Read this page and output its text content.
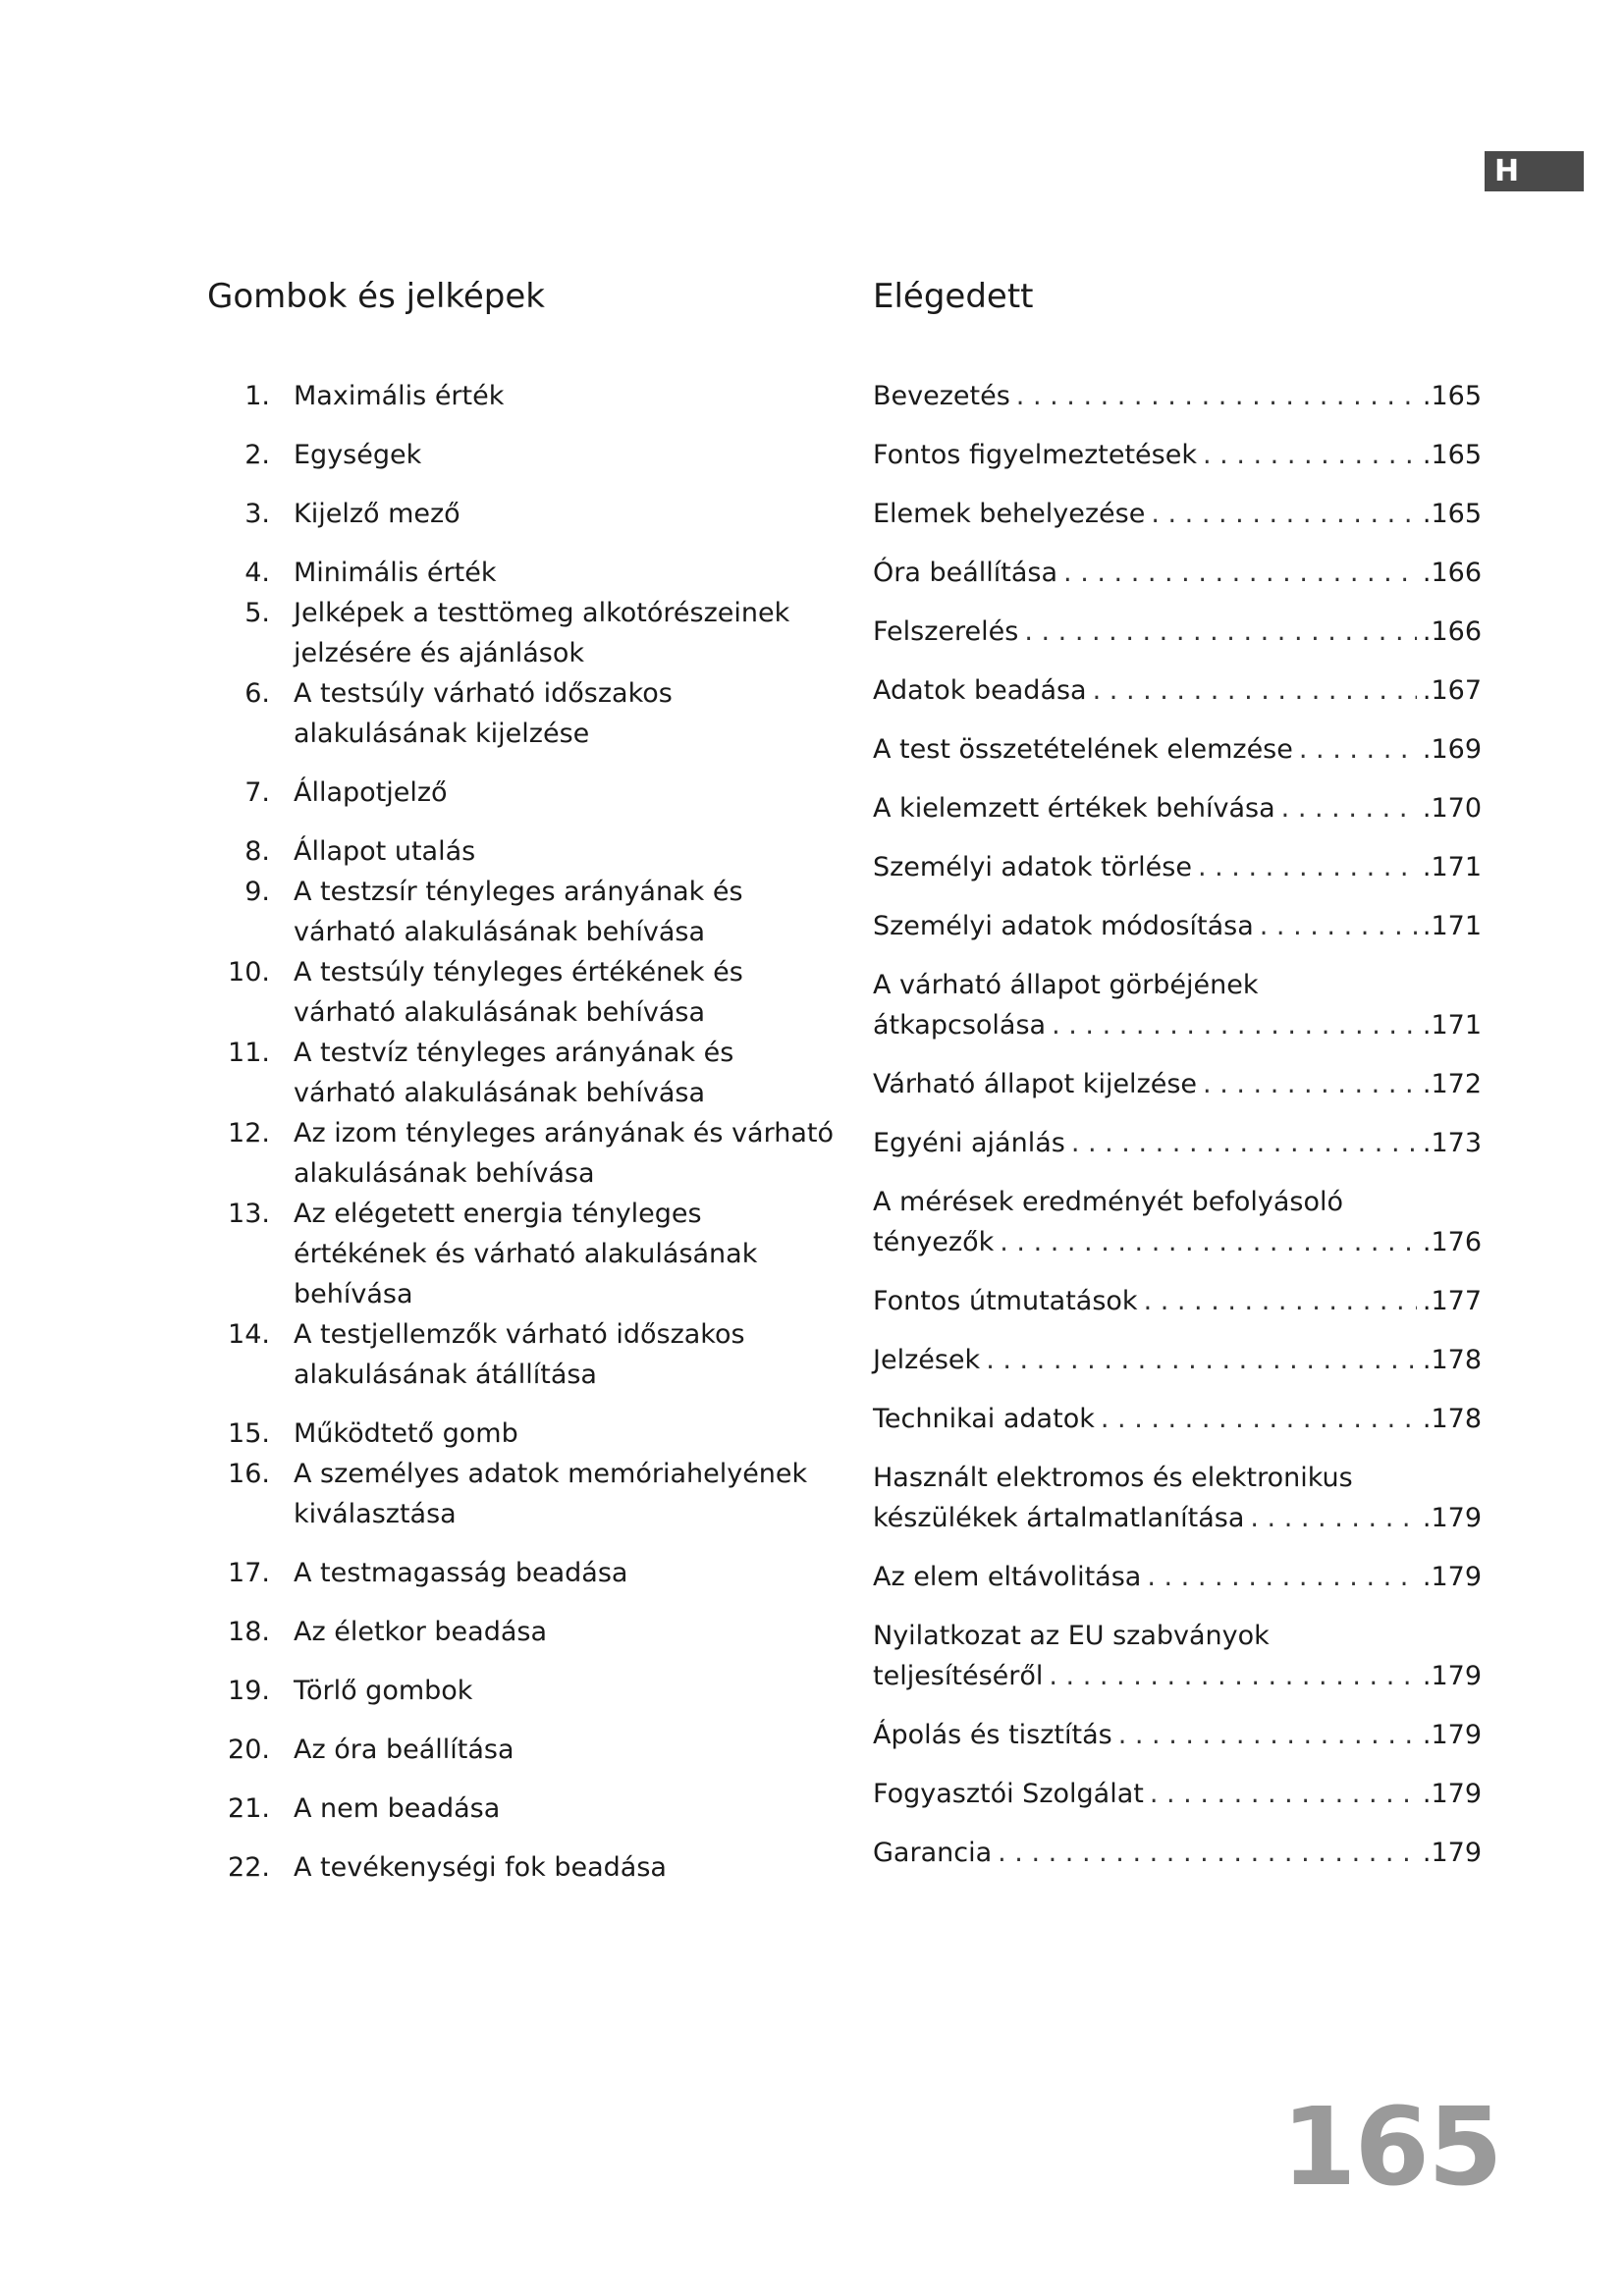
H
Gombok és jelképek	Elégedett
1. Maximális érték
2. Egységek
3. Kijelző mező
4. Minimális érték
5. Jelképek a testtömeg alkotórészeinek jelzésére és ajánlások
6. A testsúly várható időszakos alakulásának kijelzése
7. Állapotjelző
8. Állapot utalás
9. A testzsír tényleges arányának és várható alakulásának behívása
10. A testsúly tényleges értékének és várható alakulásának behívása
11. A testvíz tényleges arányának és várható alakulásának behívása
12. Az izom tényleges arányának és várható alakulásának behívása
13. Az elégetett energia tényleges értékének és várható alakulásának behívása
14. A testjellemzők várható időszakos alakulásának átállítása
15. Működtető gomb
16. A személyes adatok memóriahelyének kiválasztása
17. A testmagasság beadása
18. Az életkor beadása
19. Törlő gombok
20. Az óra beállítása
21. A nem beadása
22. A tevékenységi fok beadása
Bevezetés . . .	.165
Fontos figyelmeztetések . . .	.165
Elemek behelyezése . . .	.165
Óra beállítása . . .	.166
Felszerelés . . .	.166
Adatok beadása . . .	.167
A test összetételének elemzése . . .	.169
A kielemzett értékek behívása . . .	.170
Személyi adatok törlése . . .	.171
Személyi adatok módosítása . . .	.171
A várható állapot görbéjének
átkapcsolása . . .	.171
Várható állapot kijelzése . . .	.172
Egyéni ajánlás . . .	.173
A mérések eredményét befolyásoló
tényezők . . .	.176
Fontos útmutatások . . .	.177
Jelzések . . .	.178
Technikai adatok . . .	.178
Használt elektromos és elektronikus
készülékek ártalmatlanítása . . .	.179
Az elem eltávolitása . . .	.179
Nyilatkozat az EU szabványok
teljesítéséről . . .	.179
Ápolás és tisztítás . . .	.179
Fogyasztói Szolgálat . . .	.179
Garancia . . .	.179
165
